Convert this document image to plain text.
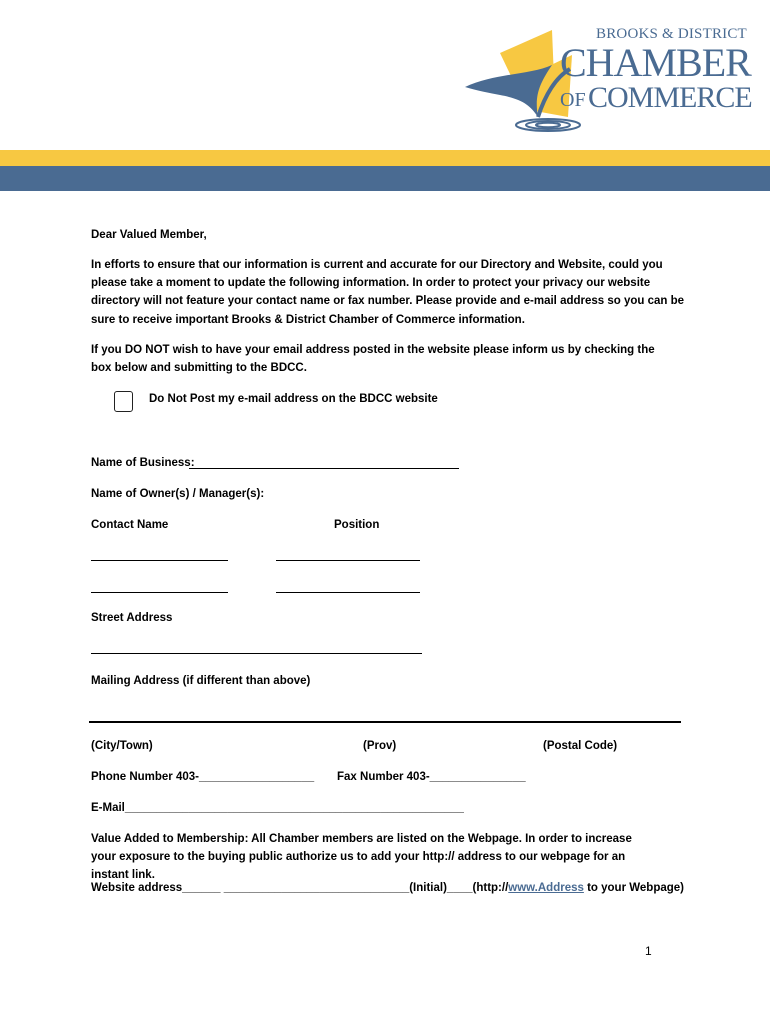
BROOKS & DISTRICT
CHAMBER
OF COMMERCE
Dear Valued Member,
In efforts to ensure that our information is current and accurate for our Directory and Website, could you please take a moment to update the following information. In order to protect your privacy our website directory will not feature your contact name or fax number. Please provide and e-mail address so you can be sure to receive important Brooks & District Chamber of Commerce information.
If you DO NOT wish to have your email address posted in the website please inform us by checking the box below and submitting to the BDCC.
Do Not Post my e-mail address on the BDCC website
Name of Business:
Name of Owner(s) / Manager(s):
Contact Name	Position
Street Address
Mailing Address (if different than above)
(City/Town)	(Prov)	(Postal Code)
Phone Number 403-__________________ Fax Number 403-_______________
E-Mail_____________________________________________________
Value Added to Membership: All Chamber members are listed on the Webpage. In order to increase your exposure to the buying public authorize us to add your http:// address to our webpage for an instant link.
Website address______ _____________________________(Initial)____(http://www.Address to your Webpage)
1
